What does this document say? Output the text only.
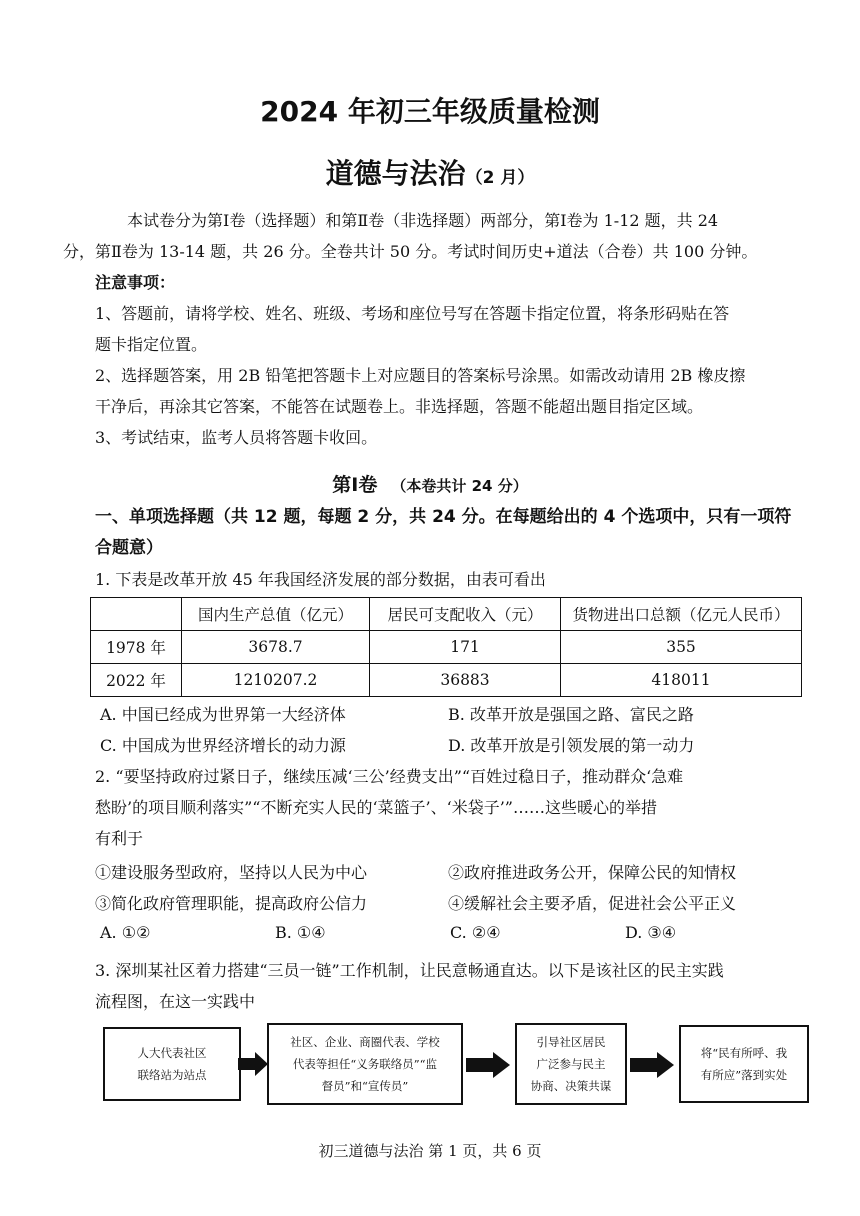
2024 年初三年级质量检测
道德与法治（2 月）
本试卷分为第Ⅰ卷（选择题）和第Ⅱ卷（非选择题）两部分，第Ⅰ卷为 1-12 题，共 24
分，第Ⅱ卷为 13-14 题，共 26 分。全卷共计 50 分。考试时间历史+道法（合卷）共 100 分钟。
注意事项：
1、答题前，请将学校、姓名、班级、考场和座位号写在答题卡指定位置，将条形码贴在答
题卡指定位置。
2、选择题答案，用 2B 铅笔把答题卡上对应题目的答案标号涂黑。如需改动请用 2B 橡皮擦
干净后，再涂其它答案，不能答在试题卷上。非选择题，答题不能超出题目指定区域。
3、考试结束，监考人员将答题卡收回。
第Ⅰ卷 （本卷共计 24 分）
一、单项选择题（共 12 题，每题 2 分，共 24 分。在每题给出的 4 个选项中，只有一项符
合题意）
1. 下表是改革开放 45 年我国经济发展的部分数据，由表可看出
	国内生产总值（亿元）	居民可支配收入（元）	货物进出口总额（亿元人民币）
1978 年	3678.7	171	355
2022 年	1210207.2	36883	418011
A. 中国已经成为世界第一大经济体	B. 改革开放是强国之路、富民之路
C. 中国成为世界经济增长的动力源	D. 改革开放是引领发展的第一动力
2. “要坚持政府过紧日子，继续压减‘三公’经费支出”“百姓过稳日子，推动群众‘急难
愁盼’的项目顺利落实”“不断充实人民的‘菜篮子’、‘米袋子’”……这些暖心的举措
有利于
①建设服务型政府，坚持以人民为中心	②政府推进政务公开，保障公民的知情权
③简化政府管理职能，提高政府公信力	④缓解社会主要矛盾，促进社会公平正义
A. ①②	B. ①④	C. ②④	D. ③④
3. 深圳某社区着力搭建“三员一链”工作机制，让民意畅通直达。以下是该社区的民主实践
流程图，在这一实践中
人大代表社区
联络站为站点
社区、企业、商圈代表、学校
代表等担任“义务联络员”“监
督员”和“宣传员”
引导社区居民
广泛参与民主
协商、决策共谋
将“民有所呼、我
有所应”落到实处
初三道德与法治 第 1 页，共 6 页
